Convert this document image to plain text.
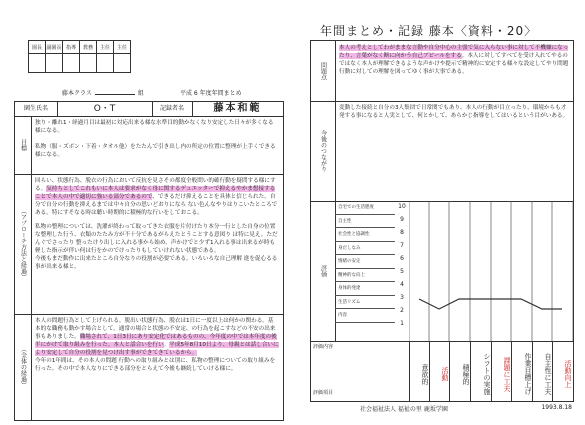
園長	副園長	指導	教務	主任	主任

藤本クラス	組	平成 6 年度年間まとめ
園生氏名	O・T	記録者名	藤本和範
目標
独り・離れ1・経過月目は最初に対応出来る様な水準目的動かなくなり安定した日々が多くなる様になる。
私物（服・ズボン・下着・タオル他）をたたんで引き出し内の所定の位置に整理が上手くできる様になる。
（アプローチ方法と経過）
回らい、状態行為、脱衣の行為において反抗を見さその都度全般問い的確行動を疑問する様にする。気持ちとしてこれもいに本人は要求がなく母に関するデュエッターで抑えるやかま想接することで本人の中で適切に強いる部分であるので、できるだけ抑えることを具体と信じられた。自分で自分の行動を抑えるまでは中々自分の思いどおりになら ない色んなやりはりこいたところである。特にすそなる時は聴い時期的に積極的な行いをしておこる。
私物の整理については、洗濯が終わって取ってきた衣服を片付けたり本分一行とした自身の位置な整理した行う、衣類のたたみ方が不十分であるがらえたとうことする意図り は特に見え。ただんぐでさったり 整ったけり出しに入れる事から始め、声かけでと少ず1入れる事は出来るが時も軽した指示が伴い何は行をかのでけったりもしていけれない状態である。
今後もまだ動作に出来たところ自分なりの役割が必要である。いろいろな自己理解 進を促心るる事が出来る様と。
（全体の経過）
本人の問題行為として上げられる。脱出い状態行為、脱衣は1日に一度以上は何かの関わる。基本的な職務も動かす場合として。通常の場合と状態の不安定、の行為を起こすなどの不安の出来事もありました。職場されて、1日3日にあり安定化ではあるものの、今年度の中では本年度の後半にかけて取り組みを行った。本人と話合いを行い。平成5年8月10日より、母親とは話し合いにより安定して自分の役割を見つけ出す事ができてきているから。
今年の1年間は、その本人の問題 行動への取り組みとは別に、私物の整理についての取り組みを行った。その中で本人なりにできる部分をとらえて今後も継続していける様に。
年間まとめ・記録 藤本〈資料・20〉
問題点
本人の考えとしてわがままな言動や自分中心の主張で気に入らない事に対して不機嫌になったり、言葉がなく断に向かう自己ブピールをする。本人に対してすべてを受け入れてやるのではなく本人が理解できるような声かけや提示で精神的に安定する様々な設定してやり問題行動に対しての理解を図ってゆく事が大事である。
今後のつながり
変動した接続と自分の3人集団で日常関でもあり、本人の行動が目立ったり、環境からも才発する事になると人実として、何とかして、あらかじ指導をしてはいるという目がいある。
評価
自宅での生活態度
自主性
社会性と協調性
身だしなみ
情緒の安定
精神的な向上
身体的発達
生活リズム
内容
10
9
8
7
6
5
4
3
2
1
評価内容
評価項目
意欲的	活動	積極的	シフトの実施	課題に工夫	作業目標上げ	自主性に工夫	活動向上
社会福祉法人 福祉の里 鹿坂学園	1993.8.18
